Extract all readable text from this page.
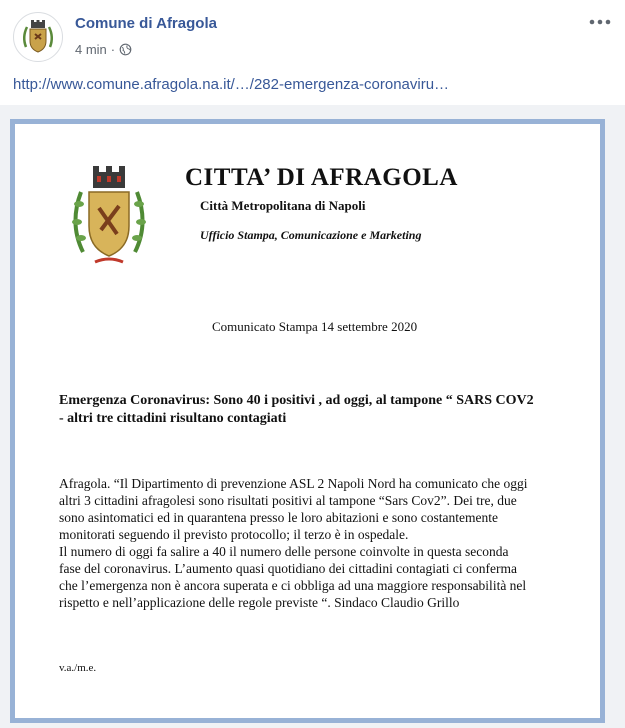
Comune di Afragola
4 min ·
http://www.comune.afragola.na.it/…/282-emergenza-coronaviru…
CITTA’ DI AFRAGOLA
Città Metropolitana di Napoli
Ufficio Stampa, Comunicazione e Marketing
Comunicato Stampa 14 settembre 2020
Emergenza Coronavirus: Sono 40 i positivi , ad oggi, al tampone “ SARS COV2
- altri tre cittadini risultano contagiati
Afragola. “Il Dipartimento di prevenzione ASL 2 Napoli Nord ha comunicato che oggi
altri 3 cittadini afragolesi sono risultati positivi al tampone “Sars Cov2”. Dei tre, due
sono asintomatici ed in quarantena presso le loro abitazioni e sono costantemente
monitorati seguendo il previsto protocollo; il terzo è in ospedale.
Il numero di oggi fa salire a 40 il numero delle persone coinvolte in questa seconda
fase del coronavirus. L’aumento quasi quotidiano dei cittadini contagiati ci conferma
che l’emergenza non è ancora superata e ci obbliga ad una maggiore responsabilità nel
rispetto e nell’applicazione delle regole previste “. Sindaco Claudio Grillo
v.a./m.e.
